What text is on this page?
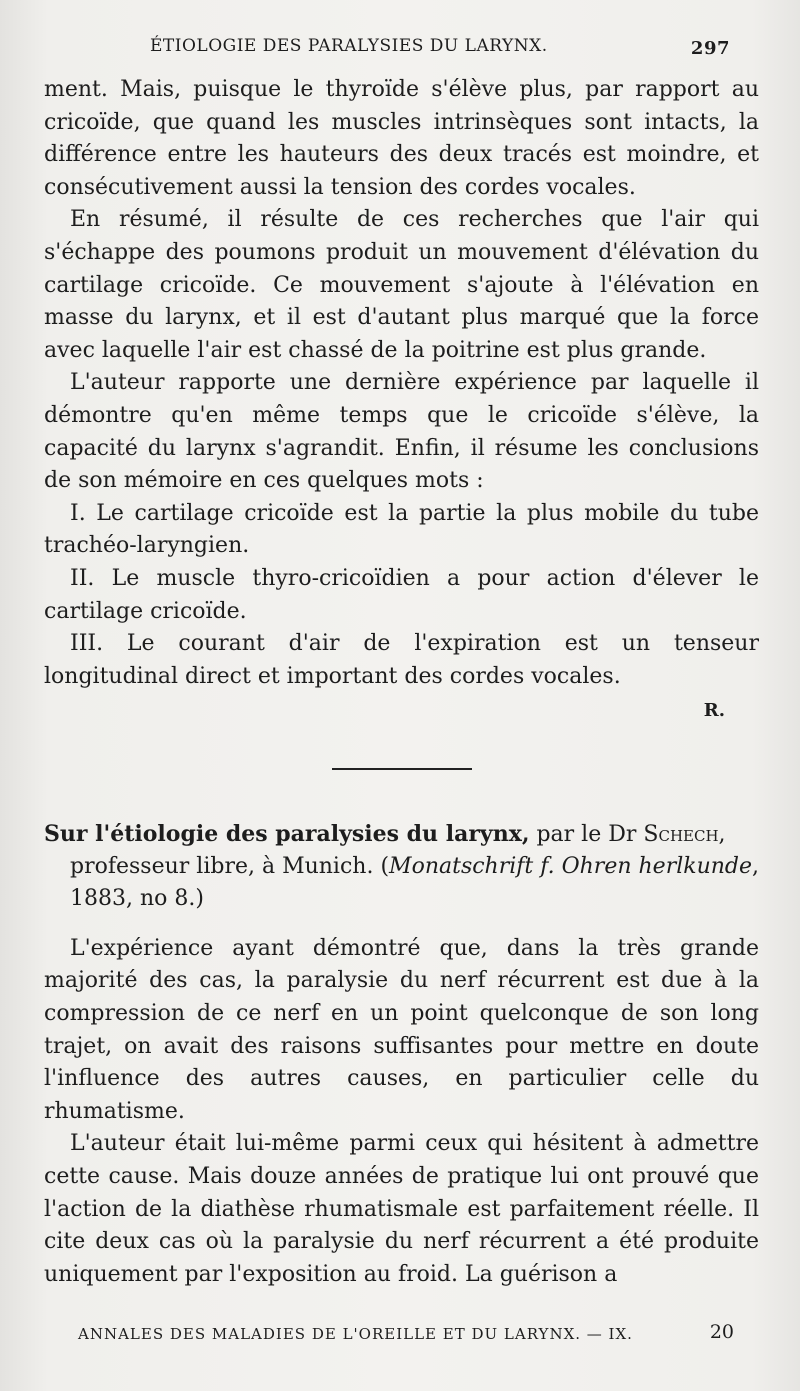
ÉTIOLOGIE DES PARALYSIES DU LARYNX.	297

ment. Mais, puisque le thyroïde s'élève plus, par rapport au cricoïde, que quand les muscles intrinsèques sont intacts, la différence entre les hauteurs des deux tracés est moindre, et consécutivement aussi la tension des cordes vocales.

En résumé, il résulte de ces recherches que l'air qui s'échappe des poumons produit un mouvement d'élévation du cartilage cricoïde. Ce mouvement s'ajoute à l'élévation en masse du larynx, et il est d'autant plus marqué que la force avec laquelle l'air est chassé de la poitrine est plus grande.

L'auteur rapporte une dernière expérience par laquelle il démontre qu'en même temps que le cricoïde s'élève, la capacité du larynx s'agrandit. Enfin, il résume les conclusions de son mémoire en ces quelques mots :

I. Le cartilage cricoïde est la partie la plus mobile du tube trachéo-laryngien.

II. Le muscle thyro-cricoïdien a pour action d'élever le cartilage cricoïde.

III. Le courant d'air de l'expiration est un tenseur longitudinal direct et important des cordes vocales.

R.

Sur l'étiologie des paralysies du larynx, par le Dr Schech, professeur libre, à Munich. (Monatschrift f. Ohren herlkunde, 1883, no 8.)

L'expérience ayant démontré que, dans la très grande majorité des cas, la paralysie du nerf récurrent est due à la compression de ce nerf en un point quelconque de son long trajet, on avait des raisons suffisantes pour mettre en doute l'influence des autres causes, en particulier celle du rhumatisme.

L'auteur était lui-même parmi ceux qui hésitent à admettre cette cause. Mais douze années de pratique lui ont prouvé que l'action de la diathèse rhumatismale est parfaitement réelle. Il cite deux cas où la paralysie du nerf récurrent a été produite uniquement par l'exposition au froid. La guérison a

ANNALES DES MALADIES DE L'OREILLE ET DU LARYNX. — IX.	20
